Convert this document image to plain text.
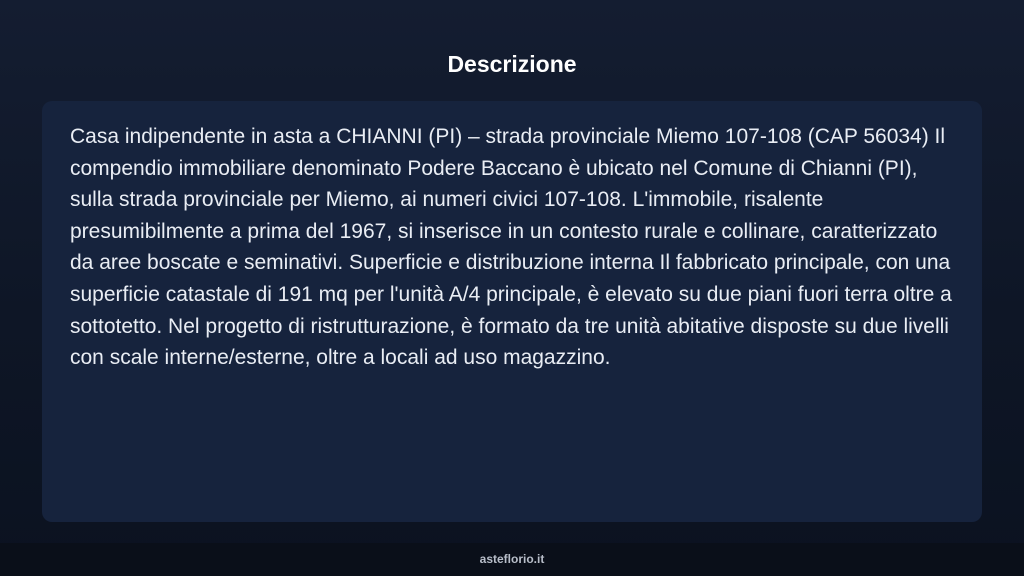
Descrizione

Casa indipendente in asta a CHIANNI (PI) – strada provinciale Miemo 107-108 (CAP 56034) Il compendio immobiliare denominato Podere Baccano è ubicato nel Comune di Chianni (PI), sulla strada provinciale per Miemo, ai numeri civici 107-108. L'immobile, risalente presumibilmente a prima del 1967, si inserisce in un contesto rurale e collinare, caratterizzato da aree boscate e seminativi. Superficie e distribuzione interna Il fabbricato principale, con una superficie catastale di 191 mq per l'unità A/4 principale, è elevato su due piani fuori terra oltre a sottotetto. Nel progetto di ristrutturazione, è formato da tre unità abitative disposte su due livelli con scale interne/esterne, oltre a locali ad uso magazzino.

asteflorio.it
